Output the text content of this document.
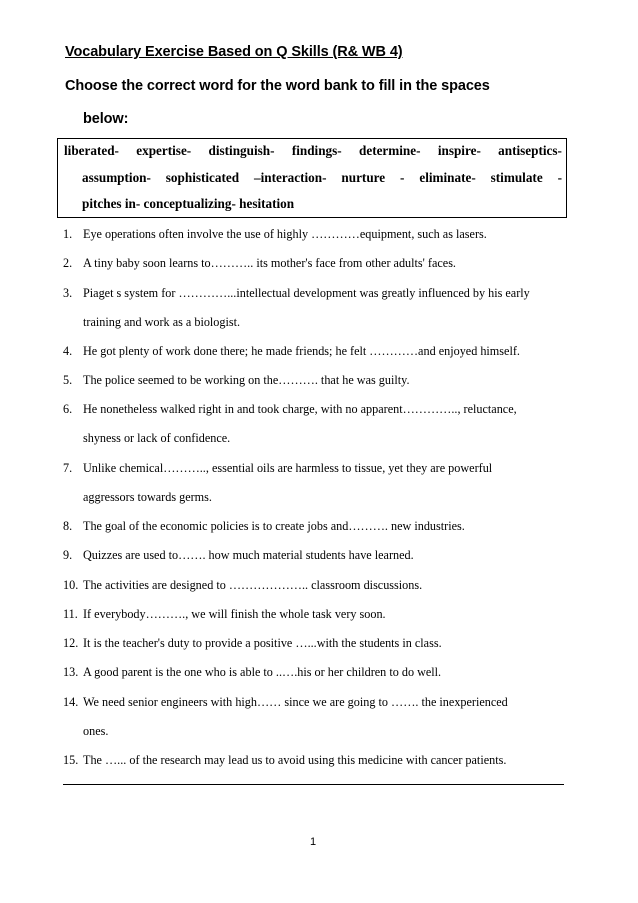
Vocabulary Exercise Based on Q Skills (R& WB 4)
Choose the correct word for the word bank to fill in the spaces
below:
liberated- expertise- distinguish- findings- determine- inspire- antiseptics-
assumption- sophisticated –interaction- nurture - eliminate- stimulate -
pitches in- conceptualizing- hesitation
1. Eye operations often involve the use of highly …………equipment, such as lasers.
2. A tiny baby soon learns to……….. its mother's face from other adults' faces.
3. Piaget s system for …………...intellectual development was greatly influenced by his early
training and work as a biologist.
4. He got plenty of work done there; he made friends; he felt …………and enjoyed himself.
5. The police seemed to be working on the………. that he was guilty.
6. He nonetheless walked right in and took charge, with no apparent………….., reluctance,
shyness or lack of confidence.
7. Unlike chemical……….., essential oils are harmless to tissue, yet they are powerful
aggressors towards germs.
8. The goal of the economic policies is to create jobs and………. new industries.
9. Quizzes are used to……. how much material students have learned.
10. The activities are designed to ……………….. classroom discussions.
11. If everybody………., we will finish the whole task very soon.
12. It is the teacher's duty to provide a positive …...with the students in class.
13. A good parent is the one who is able to ..….his or her children to do well.
14. We need senior engineers with high…… since we are going to ……. the inexperienced
ones.
15. The …... of the research may lead us to avoid using this medicine with cancer patients.
1
